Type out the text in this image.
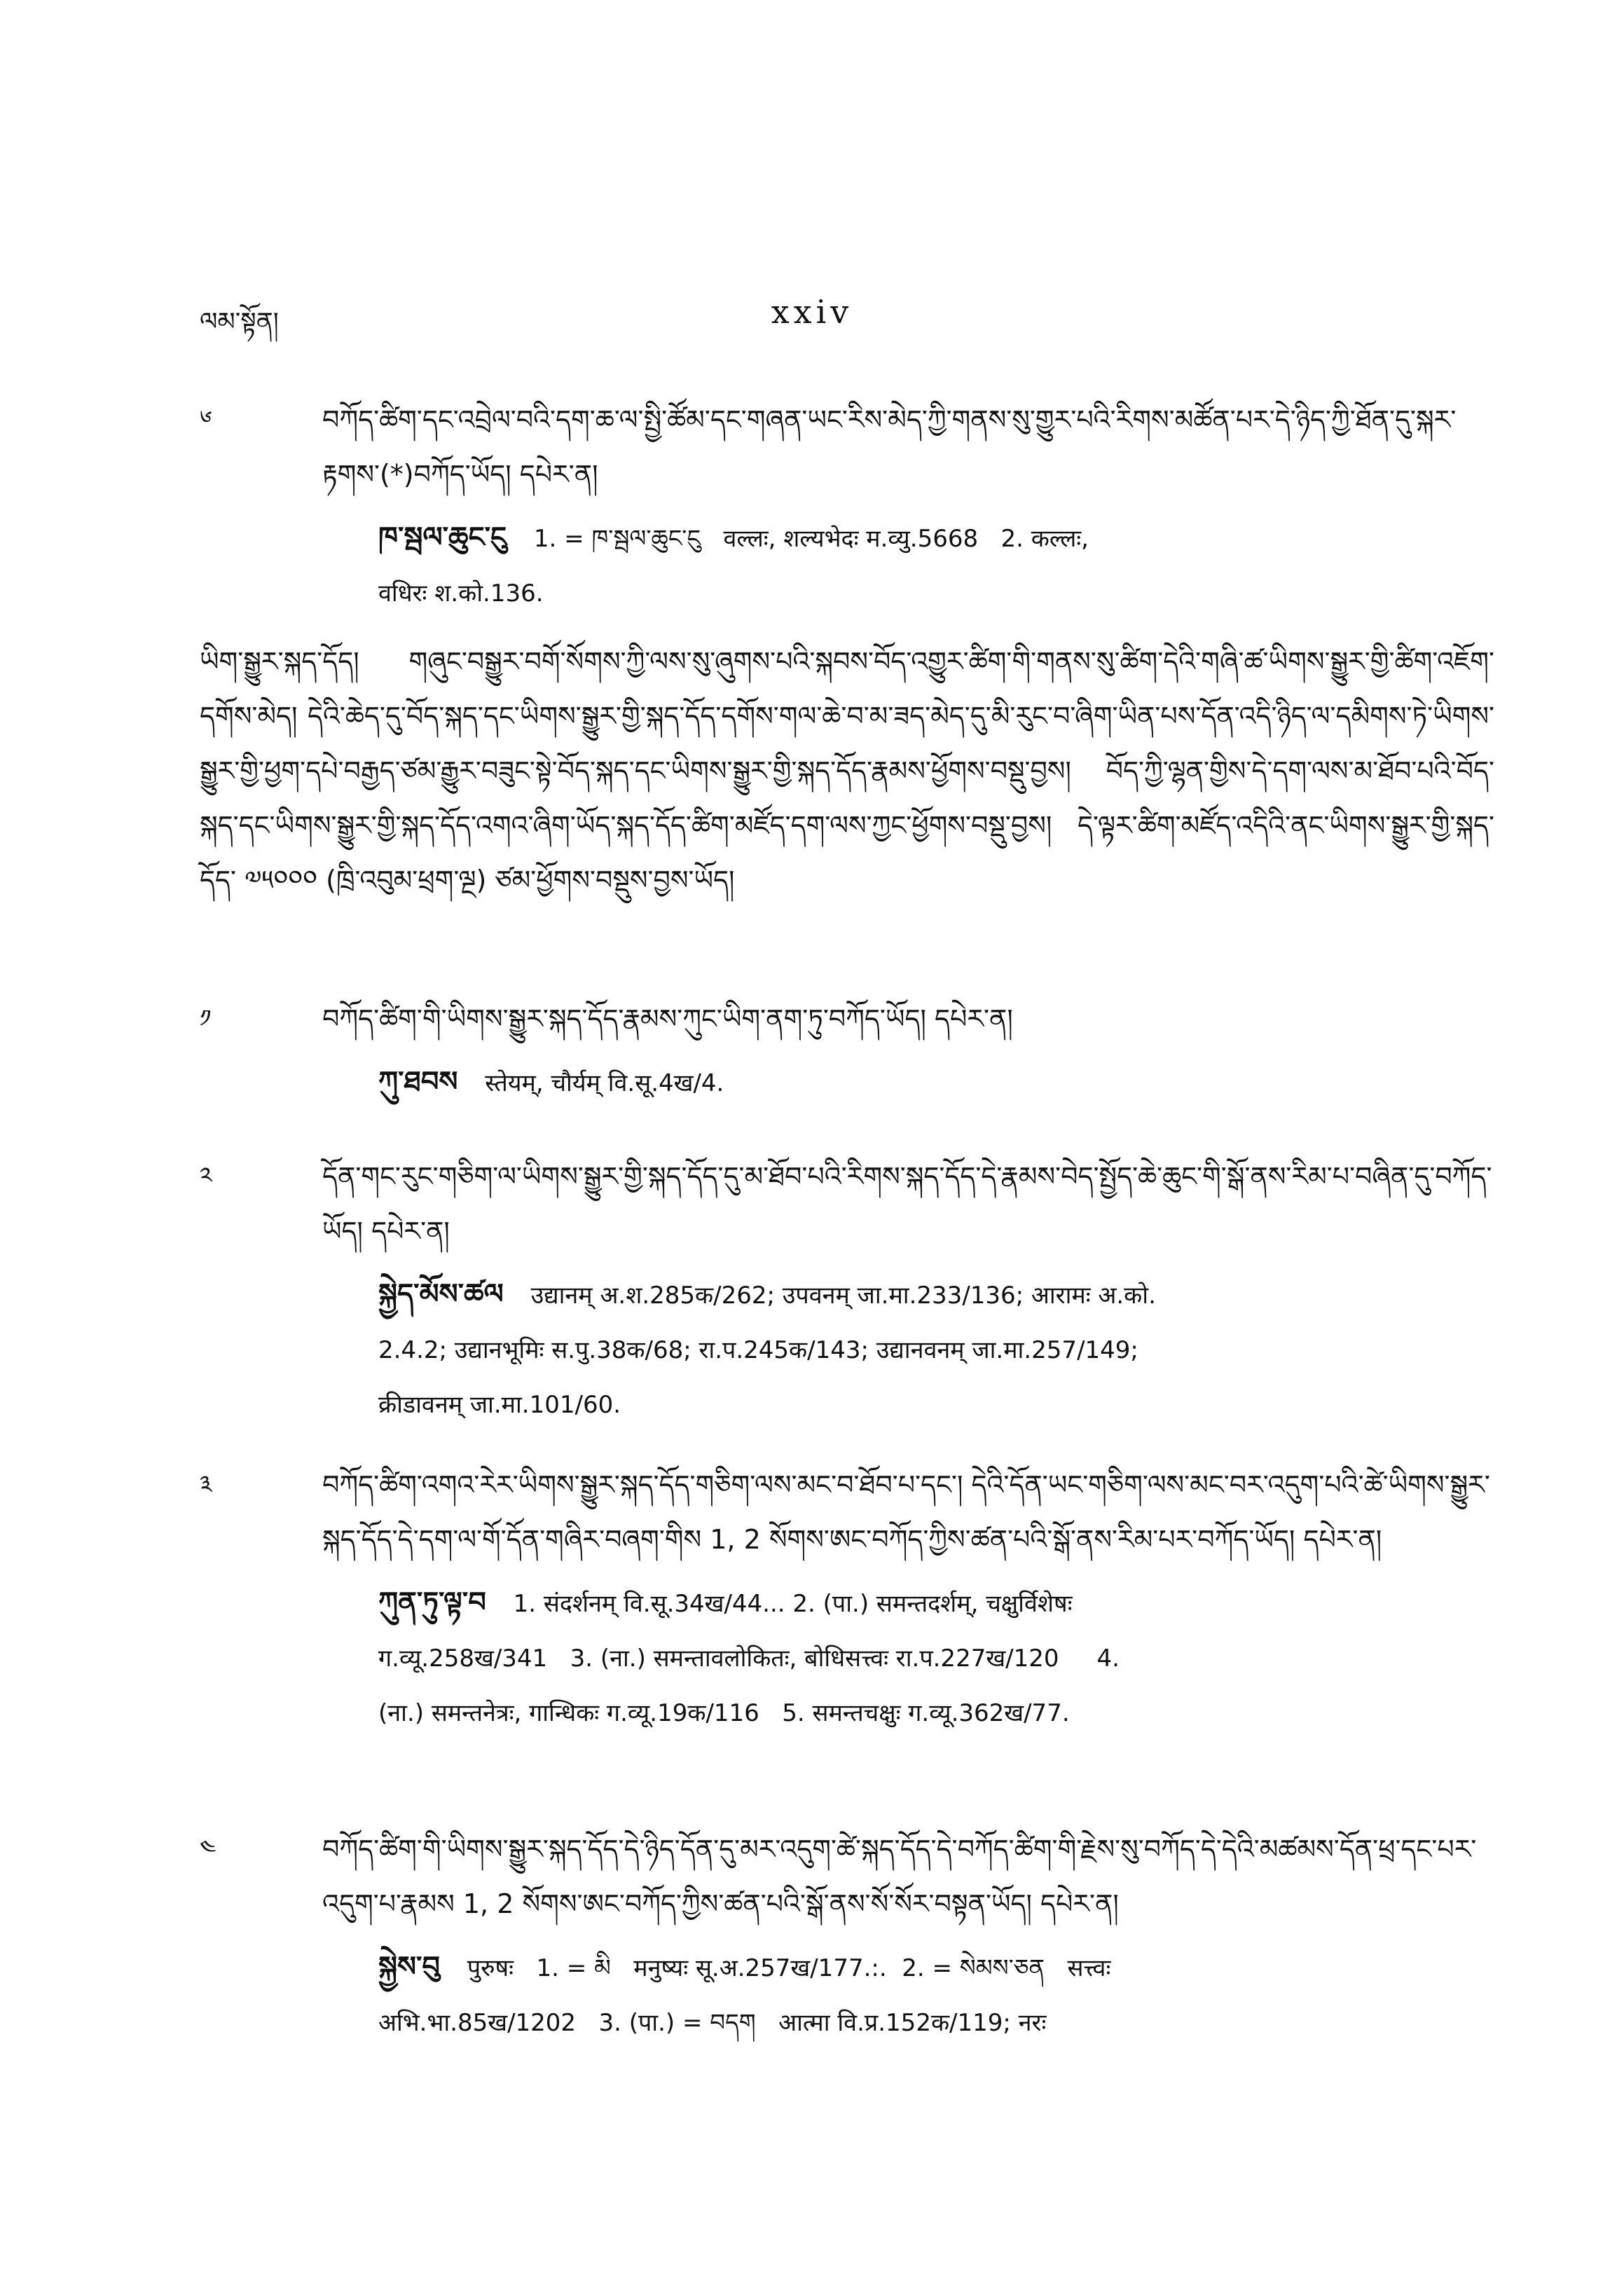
ལམ་སྟོན།	xxiv
༦	བཀོད་ཚིག་དང་འབྲེལ་བའི་དག་ཆ་ལ་སྤྱི་ཚོམ་དང་གཞན་ཡང་རིས་མེད་ཀྱི་གནས་སུ་གྱུར་པའི་རིགས་མཚོན་པར་དེ་ཉིད་ཀྱི་ཐོན་དུ་སྐར་རྟགས་(*)བཀོད་ཡོད། དཔེར་ན།
ཁ་སྦལ་ཆུང་ངུ 1. = ཁ་སྦལ་ཆུང་ངུ   वल्लः, शल्यभेदः म.व्यु.5668   2. कल्लः,
वधिरः श.को.136.
ཡིག་སྒྱུར་སྐད་དོད། གཞུང་བསྒྱུར་བགོ་སོགས་ཀྱི་ལས་སུ་ཞུགས་པའི་སྐབས་བོད་འགྱུར་ཚིག་གི་གནས་སུ་ཚིག་དེའི་གཞི་ཚ་ཡིགས་སྒྱུར་གྱི་ཚིག་འཇོག་དགོས་མེད། དེའི་ཆེད་དུ་བོད་སྐད་དང་ཡིགས་སྒྱུར་གྱི་སྐད་དོད་དགོས་གལ་ཆེ་བ་མ་ཟད་མེད་དུ་མི་རུང་བ་ཞིག་ཡིན་པས་དོན་འདི་ཉིད་ལ་དམིགས་ཏེ་ཡིགས་སྒྱུར་གྱི་ཕྱག་དཔེ་བརྒྱད་ཙམ་རྒྱུར་བཟུང་སྟེ་བོད་སྐད་དང་ཡིགས་སྒྱུར་གྱི་སྐད་དོད་རྣམས་ཕྱོགས་བསྡུ་བྱས། བོད་ཀྱི་ལྷན་གྱིས་དེ་དག་ལས་མ་ཐོབ་པའི་བོད་སྐད་དང་ཡིགས་སྒྱུར་གྱི་སྐད་དོད་འགའ་ཞིག་ཡོད་སྐད་དོད་ཚིག་མཛོད་དག་ལས་ཀྱང་ཕྱོགས་བསྡུ་བྱས། དེ་ལྟར་ཚིག་མཛོད་འདིའི་ནང་ཡིགས་སྒྱུར་གྱི་སྐད་དོད་ ༧༥༠༠༠ (ཁྲི་འབུམ་ཕྲག་ལྔ) ཙམ་ཕྱོགས་བསྡུས་བྱས་ཡོད།
༡	བཀོད་ཚིག་གི་ཡིགས་སྒྱུར་སྐད་དོད་རྣམས་ཀུང་ཡིག་ནག་ཏུ་བཀོད་ཡོད། དཔེར་ན།
ཀུ་ཐབས स्तेयम्, चौर्यम् वि.सू.4ख/4.
༢	དོན་གང་རུང་གཅིག་ལ་ཡིགས་སྒྱུར་གྱི་སྐད་དོད་དུ་མ་ཐོབ་པའི་རིགས་སྐད་དོད་དེ་རྣམས་བེད་སྤྱོད་ཆེ་ཆུང་གི་སྒོ་ནས་རིམ་པ་བཞིན་དུ་བཀོད་ཡོད། དཔེར་ན།
སྐྱེད་མོས་ཚལ उद्यानम् अ.श.285क/262; उपवनम् जा.मा.233/136; आरामः अ.को.
2.4.2; उद्यानभूमिः स.पु.38क/68; रा.प.245क/143; उद्यानवनम् जा.मा.257/149;
क्रीडावनम् जा.मा.101/60.
༣	བཀོད་ཚིག་འགའ་རེར་ཡིགས་སྒྱུར་སྐད་དོད་གཅིག་ལས་མང་བ་ཐོབ་པ་དང་། དེའི་དོན་ཡང་གཅིག་ལས་མང་བར་འདུག་པའི་ཚེ་ཡིགས་སྒྱུར་སྐད་དོད་དེ་དག་ལ་གོ་དོན་གཞིར་བཞག་གིས 1, 2 སོགས་ཨང་བཀོད་ཀྱིས་ཚན་པའི་སྒོ་ནས་རིམ་པར་བཀོད་ཡོད། དཔེར་ན།
ཀུན་ཏུ་ལྟ་བ 1. संदर्शनम् वि.सू.34ख/44... 2. (पा.) समन्तदर्शम्, चक्षुर्विशेषः
ग.व्यू.258ख/341   3. (ना.) समन्तावलोकितः, बोधिसत्त्वः रा.प.227ख/120     4.
(ना.) समन्तनेत्रः, गान्धिकः ग.व्यू.19क/116   5. समन्तचक्षुः ग.व्यू.362ख/77.
༤	བཀོད་ཚིག་གི་ཡིགས་སྒྱུར་སྐད་དོད་དེ་ཉིད་དོན་དུ་མར་འདུག་ཚེ་སྐད་དོད་དེ་བཀོད་ཚིག་གི་རྗེས་སུ་བཀོད་དེ་དེའི་མཚམས་དོན་ཕྲ་དང་པར་འདུག་པ་རྣམས 1, 2 སོགས་ཨང་བཀོད་ཀྱིས་ཚན་པའི་སྒོ་ནས་སོ་སོར་བསྟན་ཡོད། དཔེར་ན།
སྐྱེས་བུ पुरुषः   1. = མི   मनुष्यः सू.अ.257ख/177.:.  2. = སེམས་ཅན   सत्त्वः
अभि.भा.85ख/1202   3. (पा.) = བདག   आत्मा वि.प्र.152क/119; नरः
